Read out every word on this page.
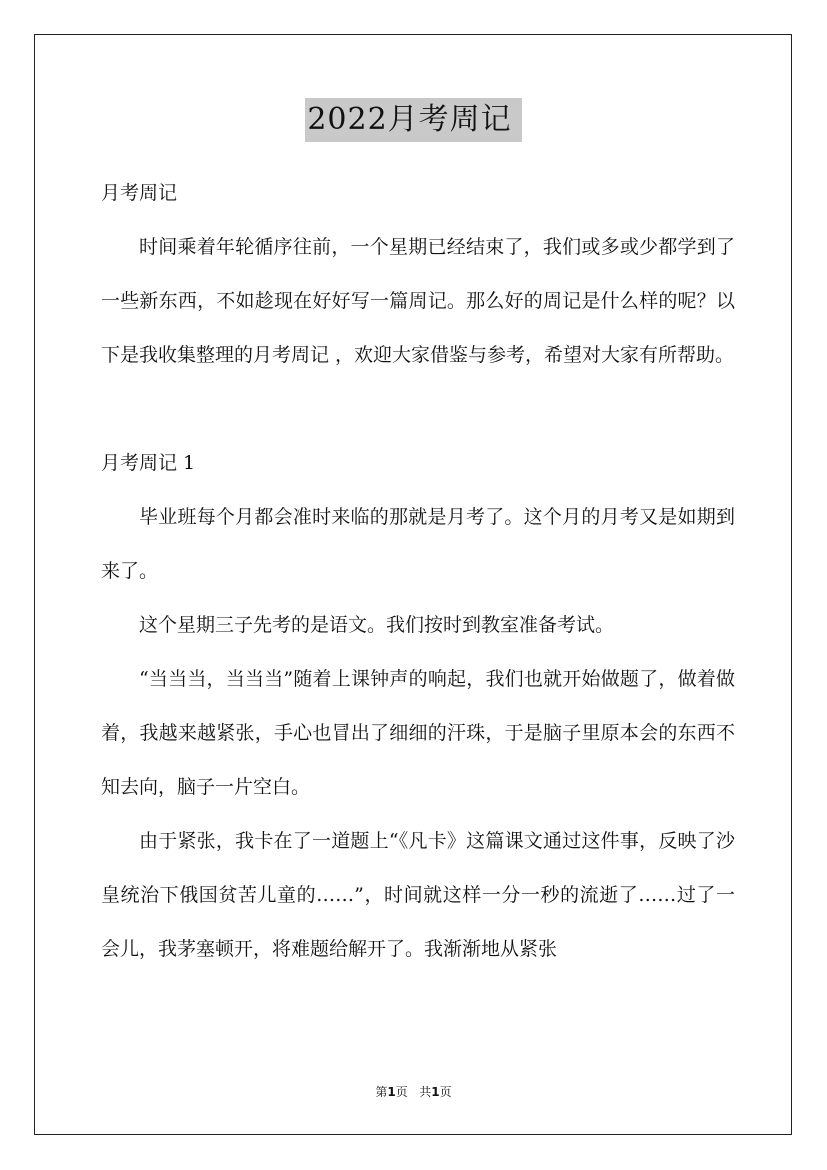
2022月考周记

月考周记

时间乘着年轮循序往前，一个星期已经结束了，我们或多或少都学到了一些新东西，不如趁现在好好写一篇周记。那么好的周记是什么样的呢？以下是我收集整理的月考周记 ，欢迎大家借鉴与参考，希望对大家有所帮助。

月考周记 1

毕业班每个月都会准时来临的那就是月考了。这个月的月考又是如期到来了。

这个星期三子先考的是语文。我们按时到教室准备考试。

“当当当，当当当”随着上课钟声的响起，我们也就开始做题了，做着做着，我越来越紧张，手心也冒出了细细的汗珠，于是脑子里原本会的东西不知去向，脑子一片空白。

由于紧张，我卡在了一道题上“《凡卡》这篇课文通过这件事，反映了沙皇统治下俄国贫苦儿童的……”，时间就这样一分一秒的流逝了……过了一会儿，我茅塞顿开，将难题给解开了。我渐渐地从紧张

第1页 共1页
